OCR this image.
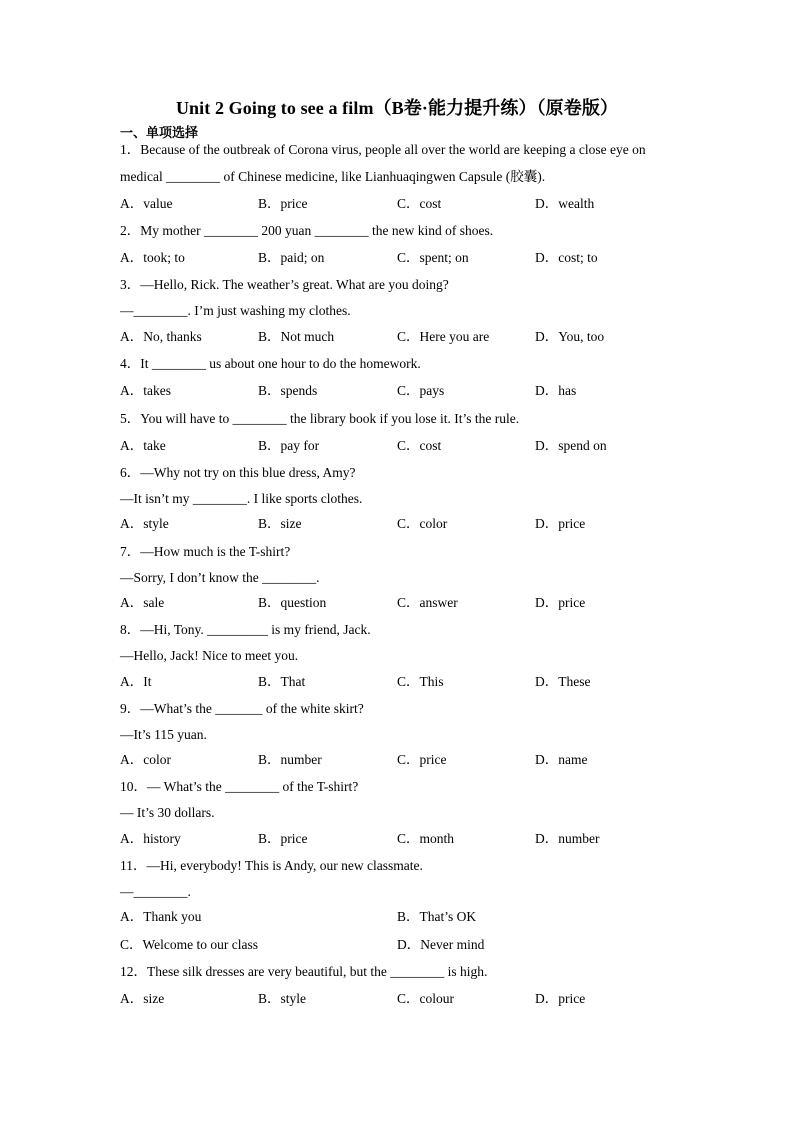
Unit 2 Going to see a film（B卷·能力提升练）（原卷版）
一、单项选择
1．Because of the outbreak of Corona virus, people all over the world are keeping a close eye on
medical ________ of Chinese medicine, like Lianhuaqingwen Capsule (胶囊).
A．value	B．price	C．cost	D．wealth
2．My mother ________ 200 yuan ________ the new kind of shoes.
A．took; to	B．paid; on	C．spent; on	D．cost; to
3．—Hello, Rick. The weather’s great. What are you doing?
—________. I’m just washing my clothes.
A．No, thanks	B．Not much	C．Here you are	D．You, too
4．It ________ us about one hour to do the homework.
A．takes	B．spends	C．pays	D．has
5．You will have to ________ the library book if you lose it. It’s the rule.
A．take	B．pay for	C．cost	D．spend on
6．—Why not try on this blue dress, Amy?
—It isn’t my ________. I like sports clothes.
A．style	B．size	C．color	D．price
7．—How much is the T-shirt?
—Sorry, I don’t know the ________.
A．sale	B．question	C．answer	D．price
8．—Hi, Tony. _________ is my friend, Jack.
—Hello, Jack! Nice to meet you.
A．It	B．That	C．This	D．These
9．—What’s the _______ of the white skirt?
—It’s 115 yuan.
A．color	B．number	C．price	D．name
10．— What’s the ________ of the T-shirt?
— It’s 30 dollars.
A．history	B．price	C．month	D．number
11．—Hi, everybody! This is Andy, our new classmate.
—________.
A．Thank you	B．That’s OK
C．Welcome to our class	D．Never mind
12．These silk dresses are very beautiful, but the ________ is high.
A．size	B．style	C．colour	D．price
